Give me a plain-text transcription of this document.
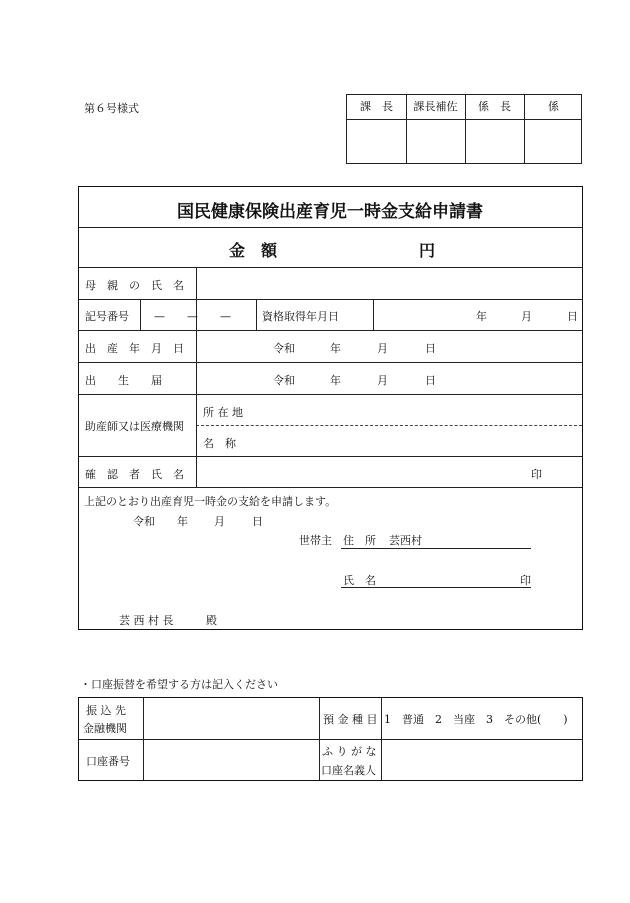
第６号様式	課　長	課長補佐	係　長	係
国民健康保険出産育児一時金支給申請書
金　額	円
母　親　の　氏　名
記号番号 —　　—　　—	資格取得年月日	年	月	日
出　産　年　月　日	令和	年	月	日
出　　生　　届	令和	年	月	日
助産師又は医療機関
所 在 地
名　称
確　認　者　氏　名	印
上記のとおり出産育児一時金の支給を申請します。
令和 年 月 日
世帯主 住　所 芸西村
氏　名	印
芸 西 村 長	殿
・口座振替を希望する方は記入ください
振 込 先
金融機関
預 金 種 目 1　普通　2　当座　3　その他(　　)
口座番号
ふ り が な
口座名義人
